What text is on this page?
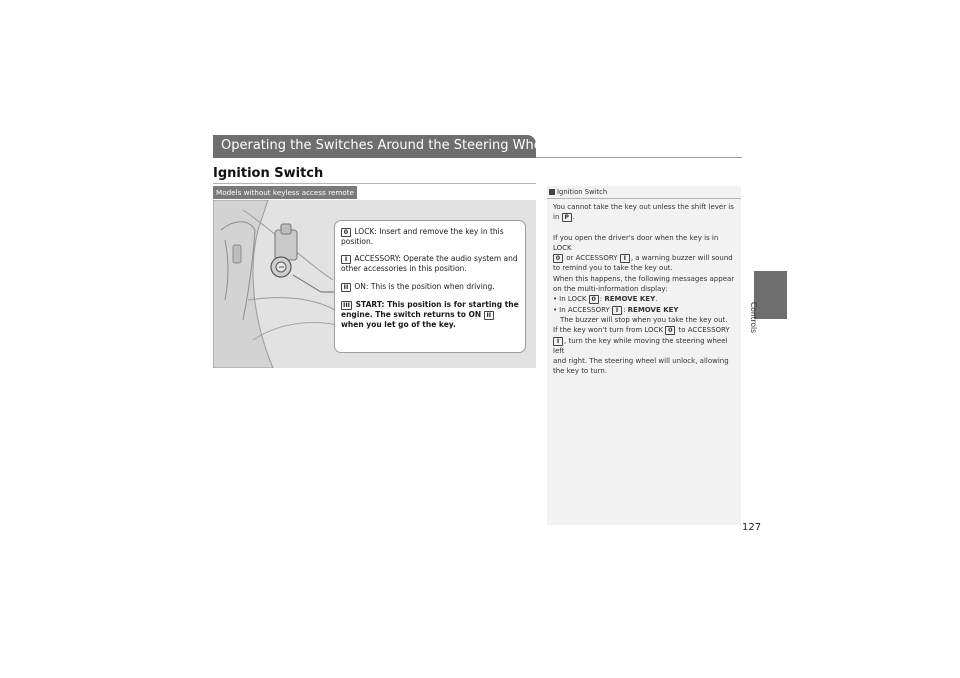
Operating the Switches Around the Steering Wheel
Ignition Switch
Models without keyless access remote

0 LOCK: Insert and remove the key in this position.

I ACCESSORY: Operate the audio system and other accessories in this position.

II ON: This is the position when driving.

III START: This position is for starting the engine. The switch returns to ON II when you let go of the key.

Ignition Switch

You cannot take the key out unless the shift lever is

in P .

If you open the driver's door when the key is in LOCK

0 or ACCESSORY I , a warning buzzer will sound

to remind you to take the key out.

When this happens, the following messages appear

on the multi-information display:

• In LOCK 0 : REMOVE KEY.

• In ACCESSORY I : REMOVE KEY

The buzzer will stop when you take the key out.

If the key won't turn from LOCK 0 to ACCESSORY

I , turn the key while moving the steering wheel left

and right. The steering wheel will unlock, allowing

the key to turn.

Controls
127
